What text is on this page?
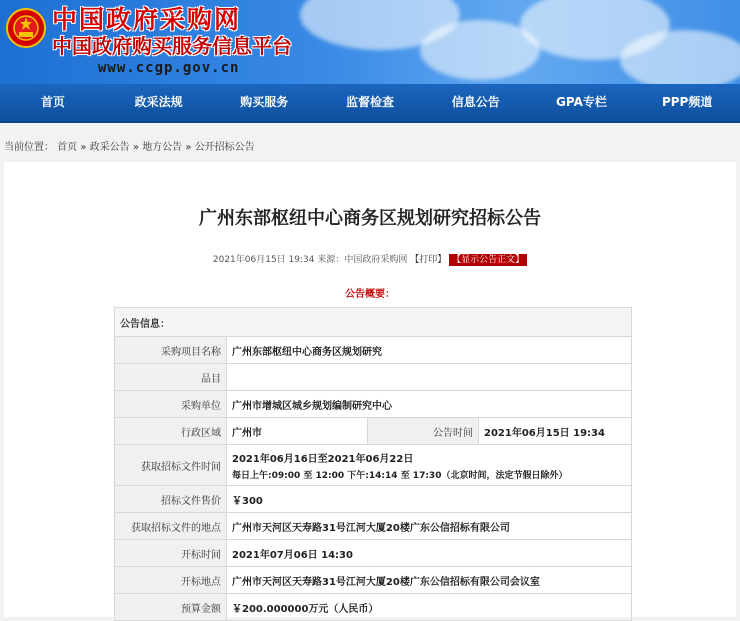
中国政府采购网
中国政府购买服务信息平台
www.ccgp.gov.cn
首页	政采法规	购买服务	监督检查	信息公告	GPA专栏	PPP频道
当前位置： 首页 » 政采公告 » 地方公告 » 公开招标公告
广州东部枢纽中心商务区规划研究招标公告
2021年06月15日 19:34 来源：中国政府采购网 【打印】 【显示公告正文】
公告概要：
公告信息：			
采购项目名称	广州东部枢纽中心商务区规划研究		
品目			
采购单位	广州市增城区城乡规划编制研究中心		
行政区域	广州市	公告时间	2021年06月15日 19:34
获取招标文件时间	2021年06月16日至2021年06月22日
每日上午:09:00 至 12:00 下午:14:14 至 17:30（北京时间，法定节假日除外）		

招标文件售价	￥300		
获取招标文件的地点	广州市天河区天寿路31号江河大厦20楼广东公信招标有限公司		
开标时间	2021年07月06日 14:30		
开标地点	广州市天河区天寿路31号江河大厦20楼广东公信招标有限公司会议室		
预算金额	￥200.000000万元（人民币）		
